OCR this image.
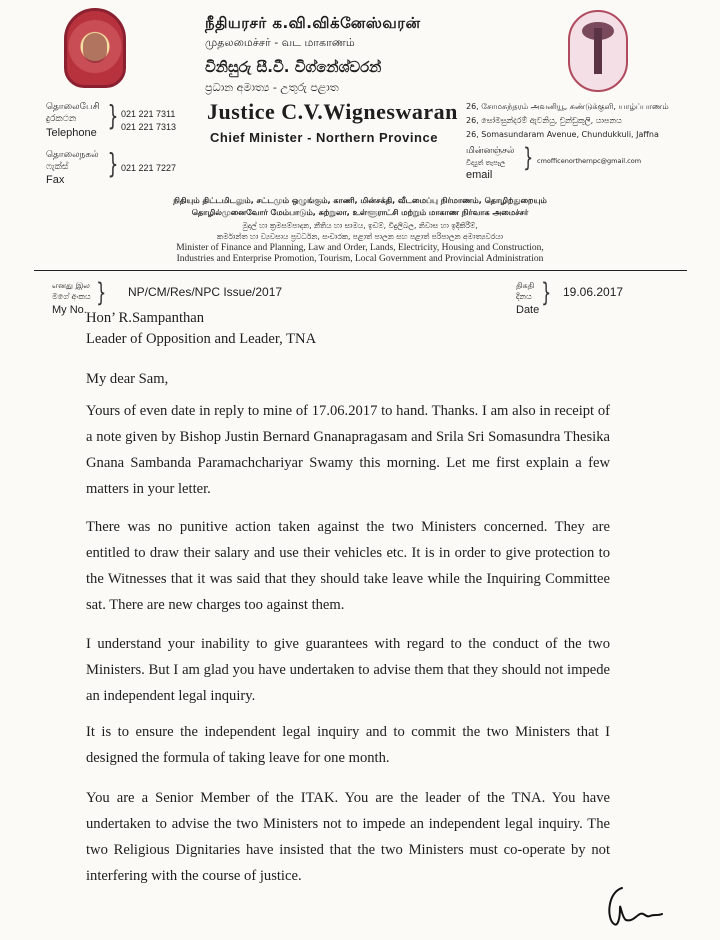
நீதியரசர் க.வி.விக்னேஸ்வரன்
முதலமைச்சர் - வட மாகாணம்
විනිසුරු සී.වී. විග්නේශ්වරන්
ප්‍රධාන අමාත්‍ය - උතුරු පළාත
Justice C.V.Wigneswaran
Chief Minister - Northern Province
தொலைபேசி
දුරකථන
Telephone
} 021 221 7311
021 221 7313
தொலைநகல்
ෆැක්ස්
Fax } 021 221 7227
26, சோமசுந்தரம் அவனியூ, சுண்டுக்குளி, யாழ்ப்பாணம்
26, සෝමසුන්දරම් ඇවනියු, චුන්ඩුකුලි, යාපනය
26, Somasundaram Avenue, Chundukkuli, Jaffna
மின்னஞ்சல்
විද්‍යුත් තැපෑල
email
} cmofficenorthernpc@gmail.com
நிதியும் திட்டமிடலும், சட்டமும் ஒழுங்கும், காணி, மின்சக்தி, வீடமைப்பு நிர்மாணம், தொழிற்துறையும்
தொழில்முனைவோர் மேம்பாடும், சுற்றுலா, உள்ளூராட்சி மற்றும் மாகாண நிர்வாக அமைச்சர்
මුදල් හා ක්‍රමසම්පාදන, නීතිය හා සාමය, ඉඩම්, විදුලිබල, නිවාස හා ඉදිකිරීම්,
කර්මාන්ත හා ව්‍යවසාය ප්‍රවර්ධන, සංචාරක, පළාත් පාලන සහ පළාත් පරිපාලන අමාත්‍යවරයා
Minister of Finance and Planning, Law and Order, Lands, Electricity, Housing and Construction,
Industries and Enterprise Promotion, Tourism, Local Government and Provincial Administration
எனது இல
මගේ අංකය
My No.
} NP/CM/Res/NPC Issue/2017	திகதி
දිනය
Date
} 19.06.2017
Hon’ R.Sampanthan
Leader of Opposition and Leader, TNA
My dear Sam,

Yours of even date in reply to mine of 17.06.2017 to hand. Thanks. I am also in receipt of a note given by Bishop Justin Bernard Gnanapragasam and Srila Sri Somasundra Thesika Gnana Sambanda Paramachchariyar Swamy this morning. Let me first explain a few matters in your letter.

There was no punitive action taken against the two Ministers concerned. They are entitled to draw their salary and use their vehicles etc. It is in order to give protection to the Witnesses that it was said that they should take leave while the Inquiring Committee sat. There are new charges too against them.

I understand your inability to give guarantees with regard to the conduct of the two Ministers. But I am glad you have undertaken to advise them that they should not impede an independent legal inquiry.

It is to ensure the independent legal inquiry and to commit the two Ministers that I designed the formula of taking leave for one month.

You are a Senior Member of the ITAK. You are the leader of the TNA. You have undertaken to advise the two Ministers not to impede an independent legal inquiry. The two Religious Dignitaries have insisted that the two Ministers must co-operate by not interfering with the course of justice.
